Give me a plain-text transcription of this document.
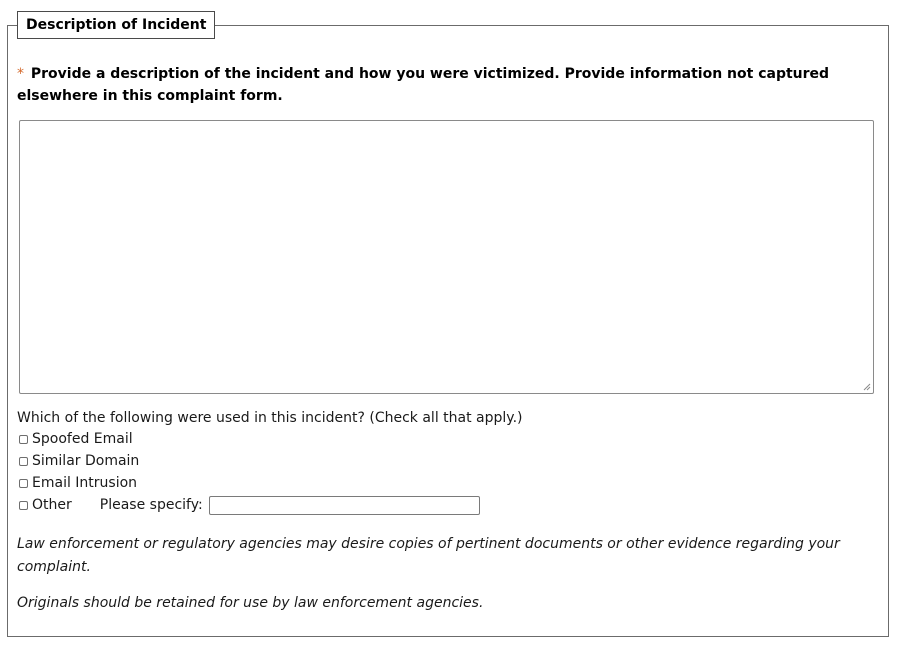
Description of Incident
* Provide a description of the incident and how you were victimized. Provide information not captured elsewhere in this complaint form.
Which of the following were used in this incident? (Check all that apply.)
Spoofed Email
Similar Domain
Email Intrusion
Other Please specify:
Law enforcement or regulatory agencies may desire copies of pertinent documents or other evidence regarding your complaint.
Originals should be retained for use by law enforcement agencies.
